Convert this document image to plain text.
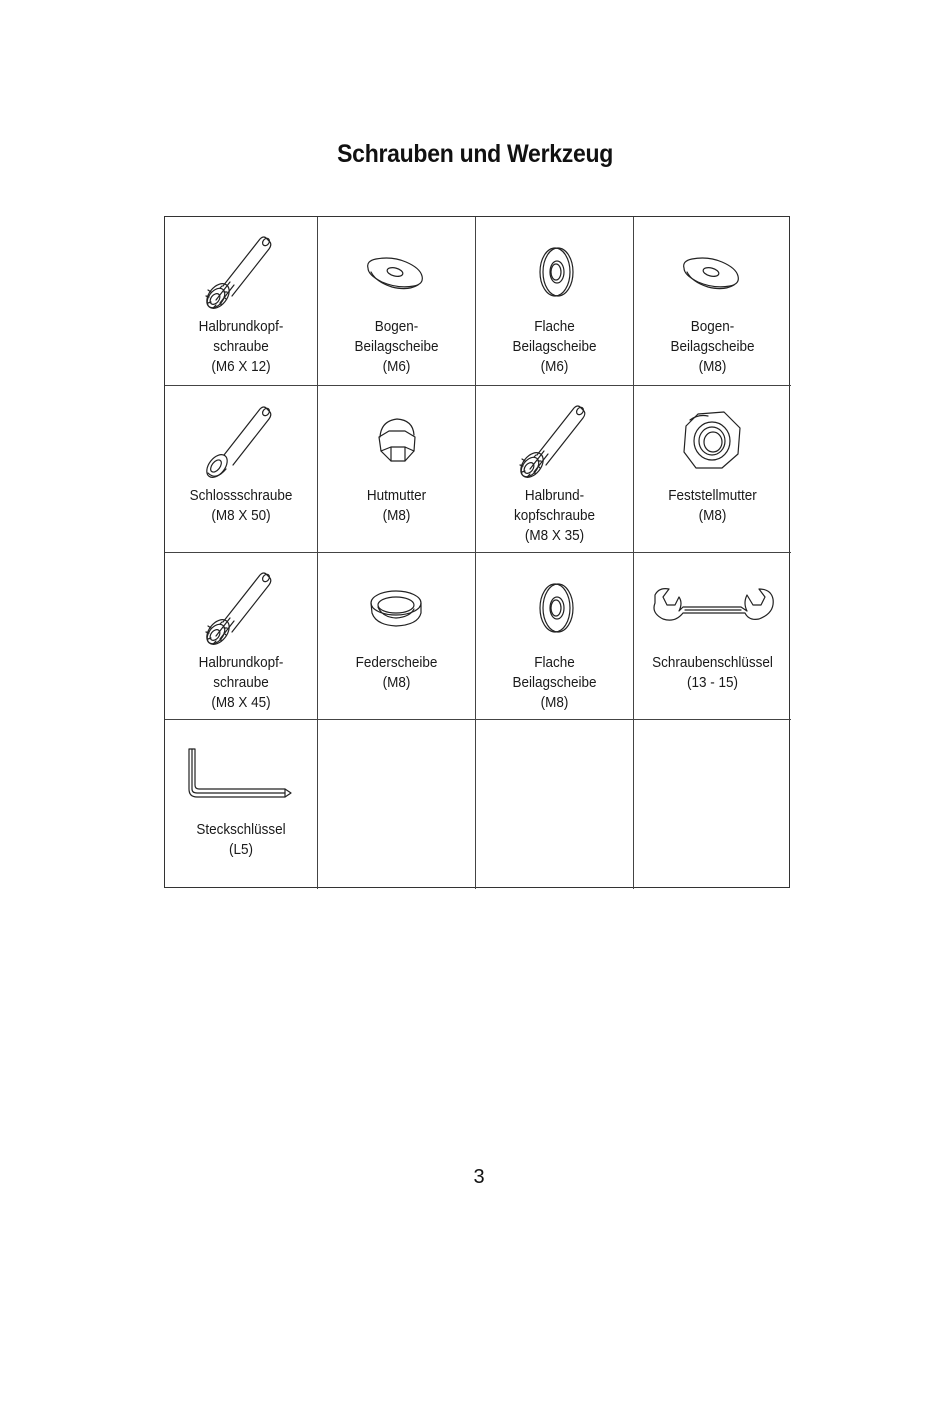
Schrauben und Werkzeug
Halbrundkopf-
schraube
(M6 X 12)
Bogen-
Beilagscheibe
(M6)
Flache
Beilagscheibe
(M6)
Bogen-
Beilagscheibe
(M8)
Schlossschraube
(M8 X 50)
Hutmutter
(M8)
Halbrund-
kopfschraube
(M8 X 35)
Feststellmutter
(M8)
Halbrundkopf-
schraube
(M8 X 45)
Federscheibe
(M8)
Flache
Beilagscheibe
(M8)
Schraubenschlüssel
(13 - 15)
Steckschlüssel
(L5)
3
